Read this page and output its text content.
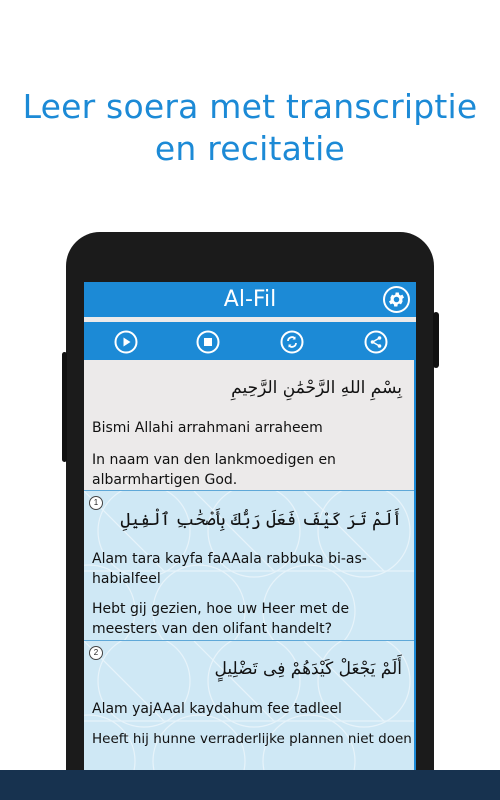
Leer soera met transcriptie
en recitatie
Al-Fil
بِسْمِ اللهِ الرَّحْمَٰنِ الرَّحِيمِ
Bismi Allahi arrahmani arraheem
In naam van den lankmoedigen en albarmhartigen God.
1
أَلَمْ تَرَ كَيْفَ فَعَلَ رَبُّكَ بِأَصْحَٰبِ ٱلْفِيلِ
Alam tara kayfa faAAala rabbuka bi-as-habialfeel
Hebt gij gezien, hoe uw Heer met de meesters van den olifant handelt?
2
أَلَمْ يَجْعَلْ كَيْدَهُمْ فِى تَضْلِيلٍ
Alam yajAAal kaydahum fee tadleel
Heeft hij hunne verraderlijke plannen niet doen
